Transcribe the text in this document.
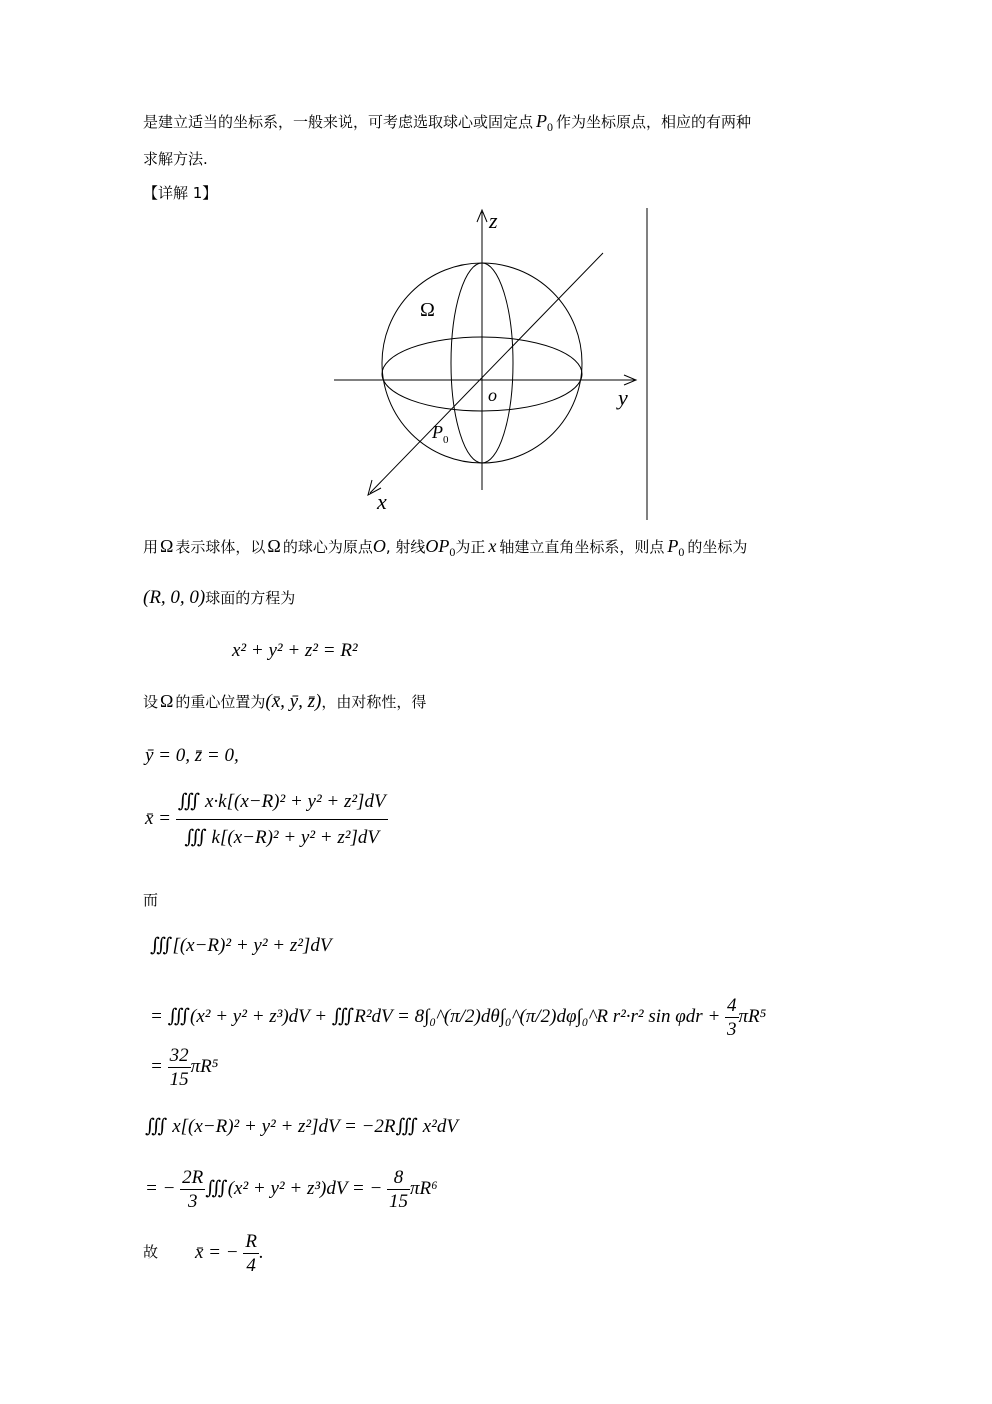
是建立适当的坐标系，一般来说，可考虑选取球心或固定点 $P_0$ 作为坐标原点，相应的有两种
求解方法.
【详解 1】
z
y
x
o
Ω
$P_0$
用 Ω 表示球体，以 Ω 的球心为原点O, 射线$OP_0$为正 x 轴建立直角坐标系，则点 $P_0$ 的坐标为
(R, 0, 0)球面的方程为
x² + y² + z² = R²
设 Ω 的重心位置为(x̄, ȳ, z̄)，由对称性，得
ȳ = 0, z̄ = 0,
x̄ = $\frac{\text{∭ x·k[(x−R)² + y² + z²]dV}}{\text{∭ k[(x−R)² + y² + z²]dV}}$
而
∭[(x−R)² + y² + z²]dV
= ∭(x² + y² + z³)dV + ∭R²dV = 8∫₀^(π/2)dθ∫₀^(π/2)dφ∫₀^R r²·r² $\sin \varphi dr + \frac{4}{3} \pi R^5$
= $\frac{32}{15} \pi R^5$
∭ x[(x−R)² + y² + z²]dV = −2R∭ x²dV
= − $\frac{2R}{3}$ ∭(x² + y² + z³)dV = − $\frac{8}{15} \pi R^6$
故 x̄ = − $\frac{R}{4}$ .
